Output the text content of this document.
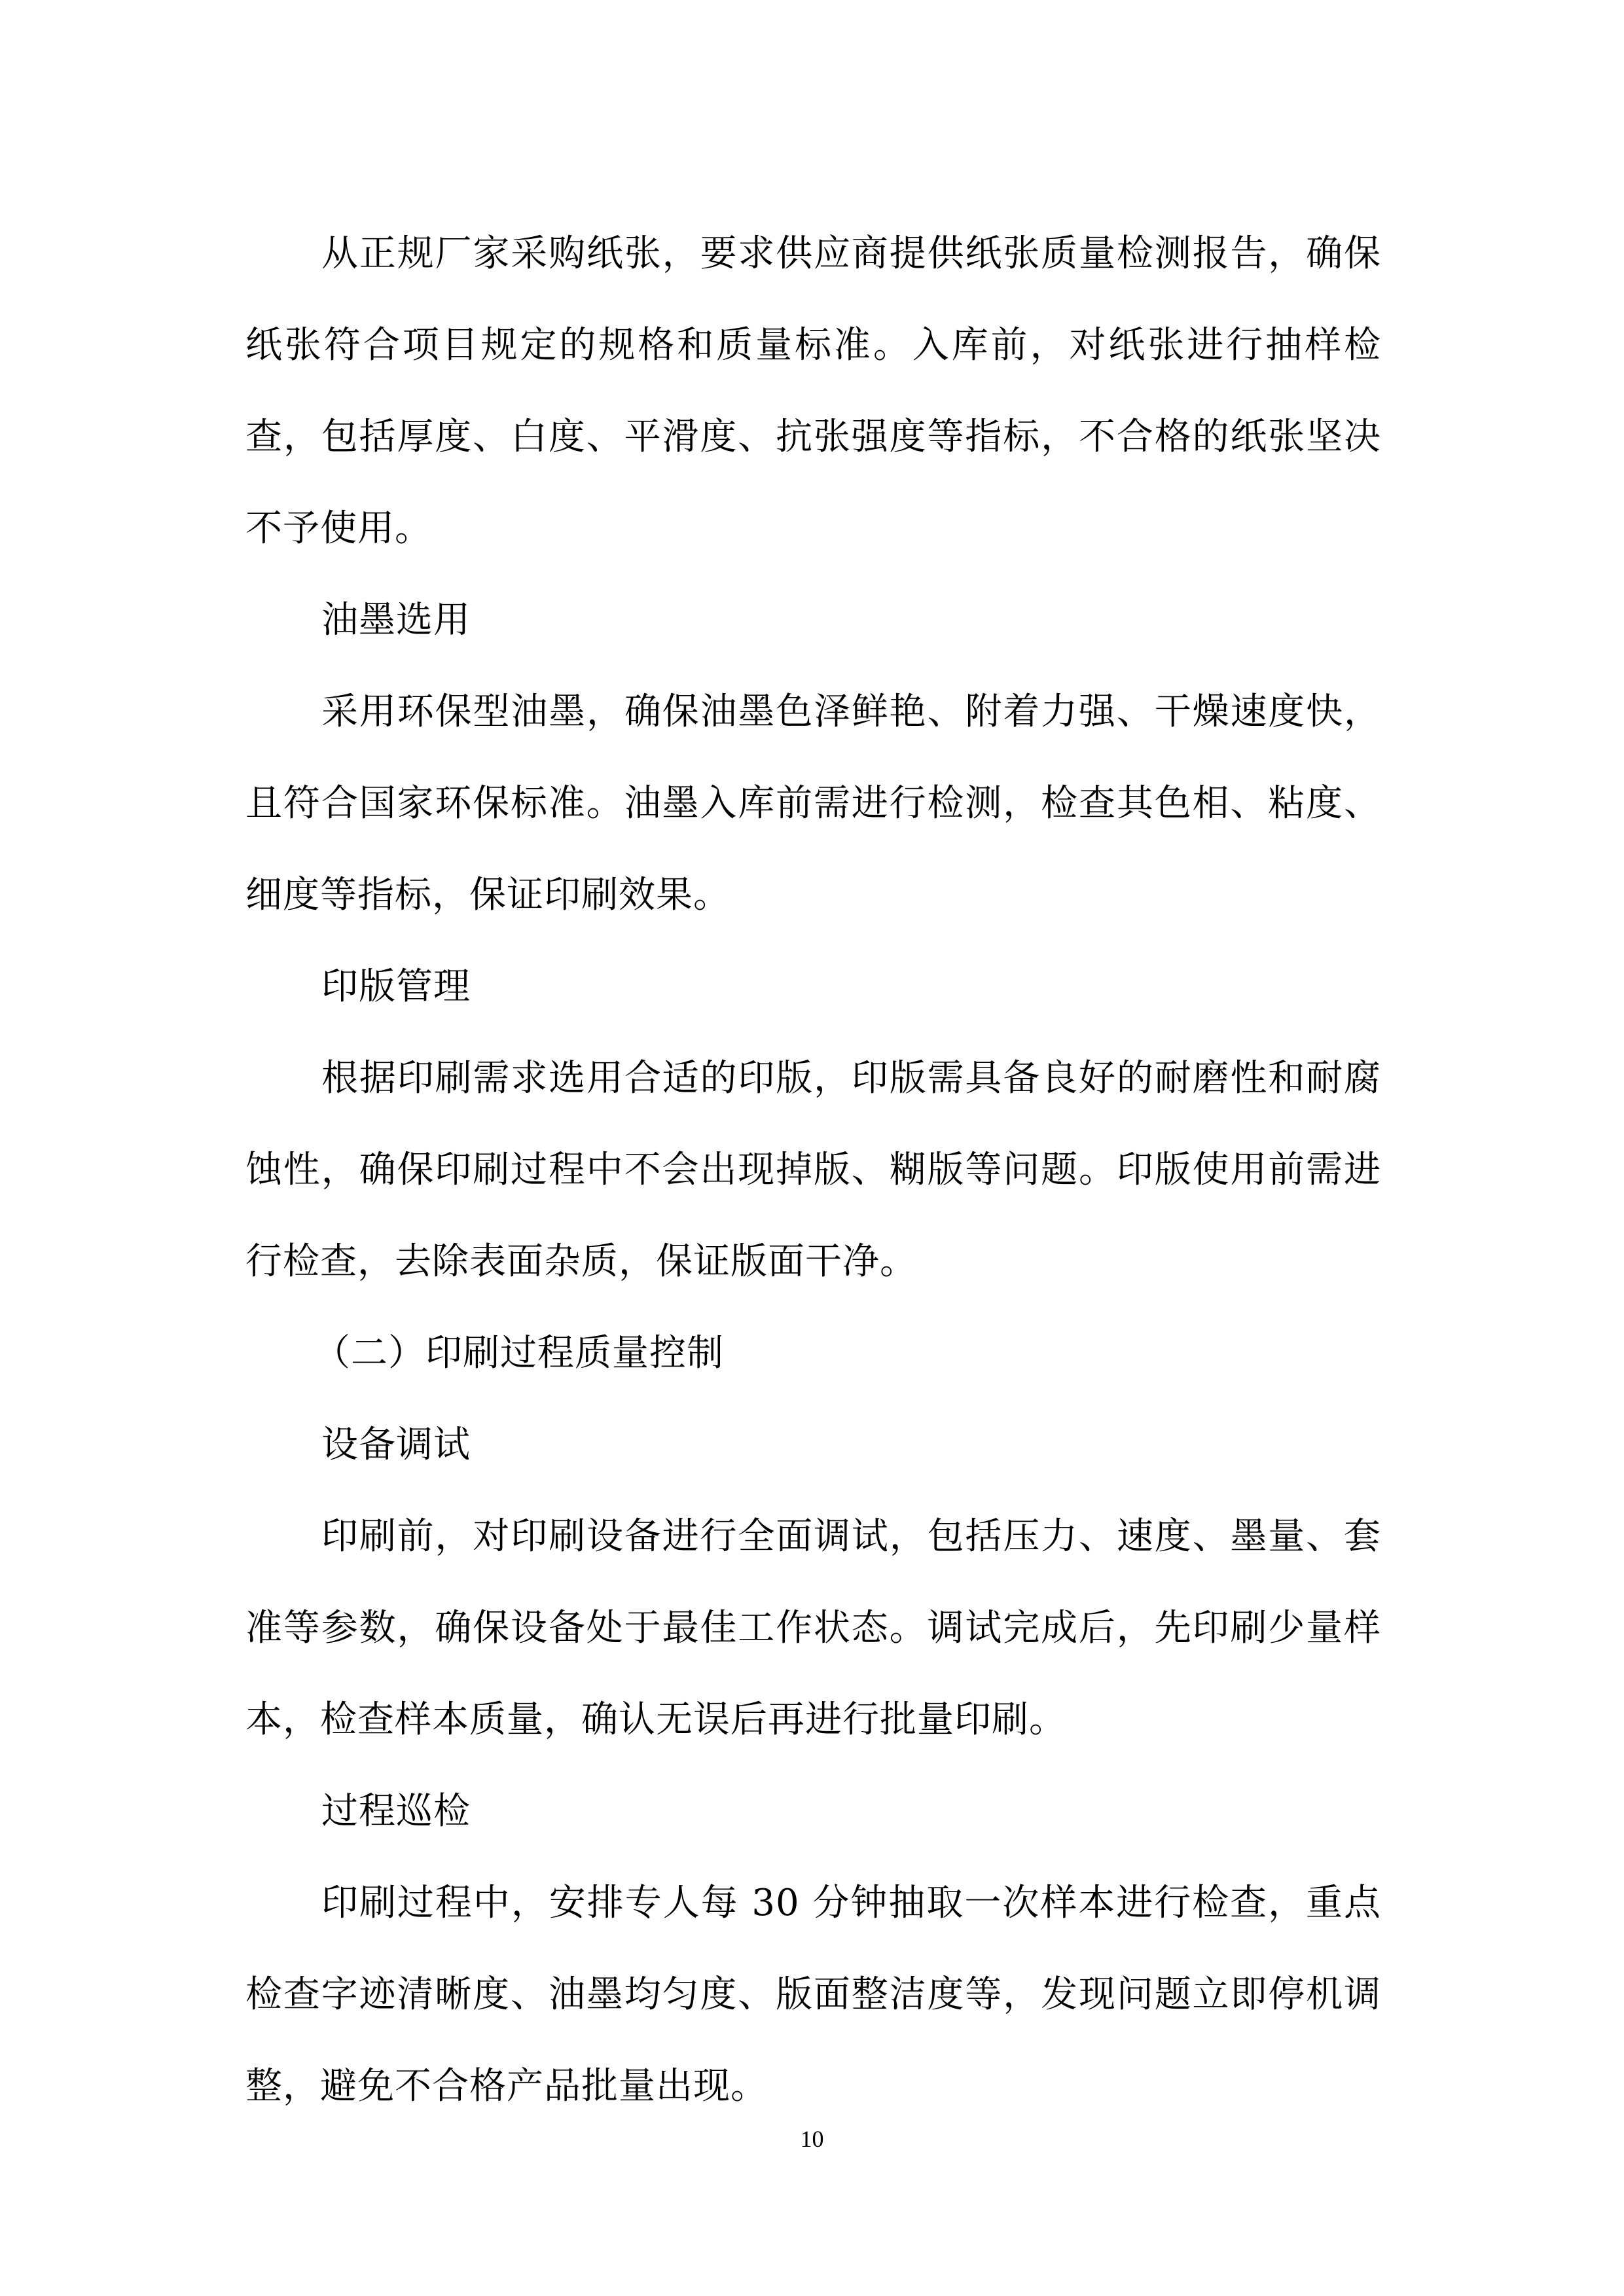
从正规厂家采购纸张，要求供应商提供纸张质量检测报告，确保纸张符合项目规定的规格和质量标准。入库前，对纸张进行抽样检查，包括厚度、白度、平滑度、抗张强度等指标，不合格的纸张坚决不予使用。

油墨选用

采用环保型油墨，确保油墨色泽鲜艳、附着力强、干燥速度快，且符合国家环保标准。油墨入库前需进行检测，检查其色相、粘度、细度等指标，保证印刷效果。

印版管理

根据印刷需求选用合适的印版，印版需具备良好的耐磨性和耐腐蚀性，确保印刷过程中不会出现掉版、糊版等问题。印版使用前需进行检查，去除表面杂质，保证版面干净。

（二）印刷过程质量控制

设备调试

印刷前，对印刷设备进行全面调试，包括压力、速度、墨量、套准等参数，确保设备处于最佳工作状态。调试完成后，先印刷少量样本，检查样本质量，确认无误后再进行批量印刷。

过程巡检

印刷过程中，安排专人每 30 分钟抽取一次样本进行检查，重点检查字迹清晰度、油墨均匀度、版面整洁度等，发现问题立即停机调整，避免不合格产品批量出现。

10
